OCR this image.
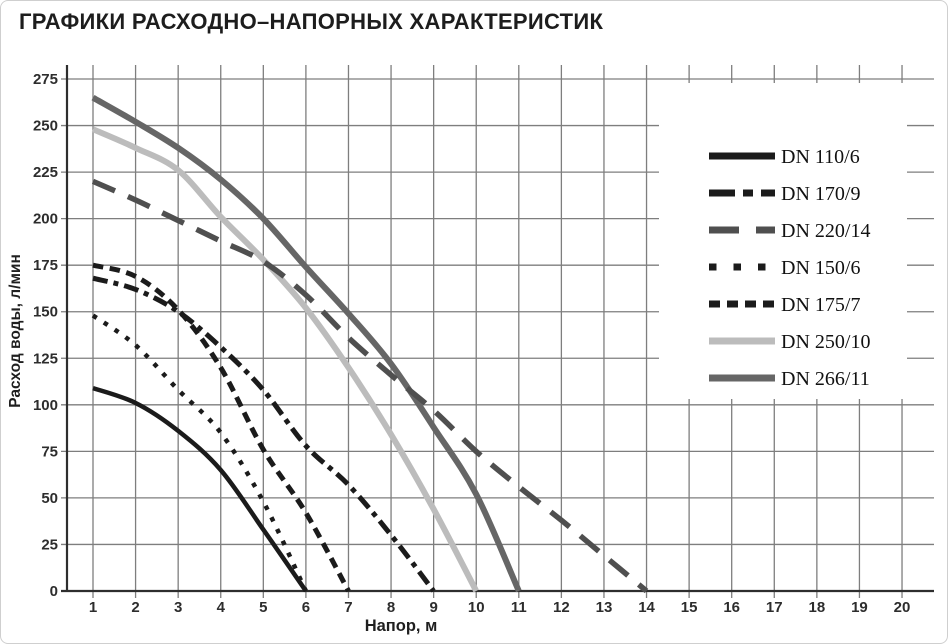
ГРАФИКИ РАСХОДНО–НАПОРНЫХ ХАРАКТЕРИСТИК
1 2 3 4 5 6 7 8 9 10 11 12 13 14 15 16 17 18 19 20
0
25
50
75
100
125
150
175
200
225
250
275
DN 110/6
DN 170/9
DN 220/14
DN 150/6
DN 175/7
DN 250/10
DN 266/11
Напор, м
Расход воды, л/мин
